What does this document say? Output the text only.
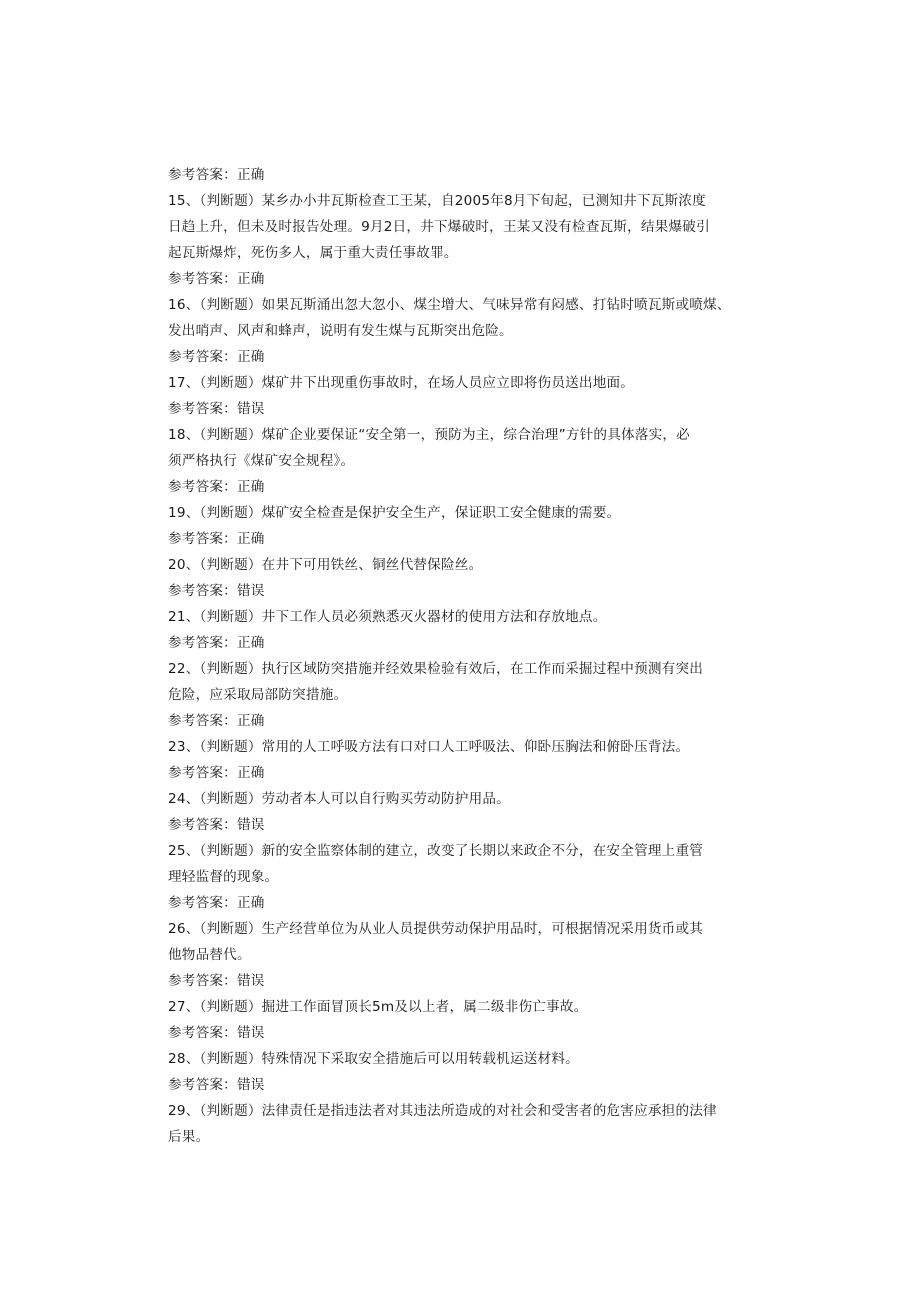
参考答案：正确
15、（判断题）某乡办小井瓦斯检查工王某，自2005年8月下旬起，已测知井下瓦斯浓度
日趋上升，但未及时报告处理。9月2日，井下爆破时，王某又没有检查瓦斯，结果爆破引
起瓦斯爆炸，死伤多人，属于重大责任事故罪。
参考答案：正确
16、（判断题）如果瓦斯涌出忽大忽小、煤尘增大、气味异常有闷感、打钻时喷瓦斯或喷煤、
发出哨声、风声和蜂声，说明有发生煤与瓦斯突出危险。
参考答案：正确
17、（判断题）煤矿井下出现重伤事故时，在场人员应立即将伤员送出地面。
参考答案：错误
18、（判断题）煤矿企业要保证“安全第一，预防为主，综合治理”方针的具体落实，必
须严格执行《煤矿安全规程》。
参考答案：正确
19、（判断题）煤矿安全检查是保护安全生产，保证职工安全健康的需要。
参考答案：正确
20、（判断题）在井下可用铁丝、铜丝代替保险丝。
参考答案：错误
21、（判断题）井下工作人员必须熟悉灭火器材的使用方法和存放地点。
参考答案：正确
22、（判断题）执行区域防突措施并经效果检验有效后，在工作而采掘过程中预测有突出
危险，应采取局部防突措施。
参考答案：正确
23、（判断题）常用的人工呼吸方法有口对口人工呼吸法、仰卧压胸法和俯卧压背法。
参考答案：正确
24、（判断题）劳动者本人可以自行购买劳动防护用品。
参考答案：错误
25、（判断题）新的安全监察体制的建立，改变了长期以来政企不分，在安全管理上重管
理轻监督的现象。
参考答案：正确
26、（判断题）生产经营单位为从业人员提供劳动保护用品时，可根据情况采用货币或其
他物品替代。
参考答案：错误
27、（判断题）掘进工作面冒顶长5m及以上者，属二级非伤亡事故。
参考答案：错误
28、（判断题）特殊情况下采取安全措施后可以用转载机运送材料。
参考答案：错误
29、（判断题）法律责任是指违法者对其违法所造成的对社会和受害者的危害应承担的法律
后果。
